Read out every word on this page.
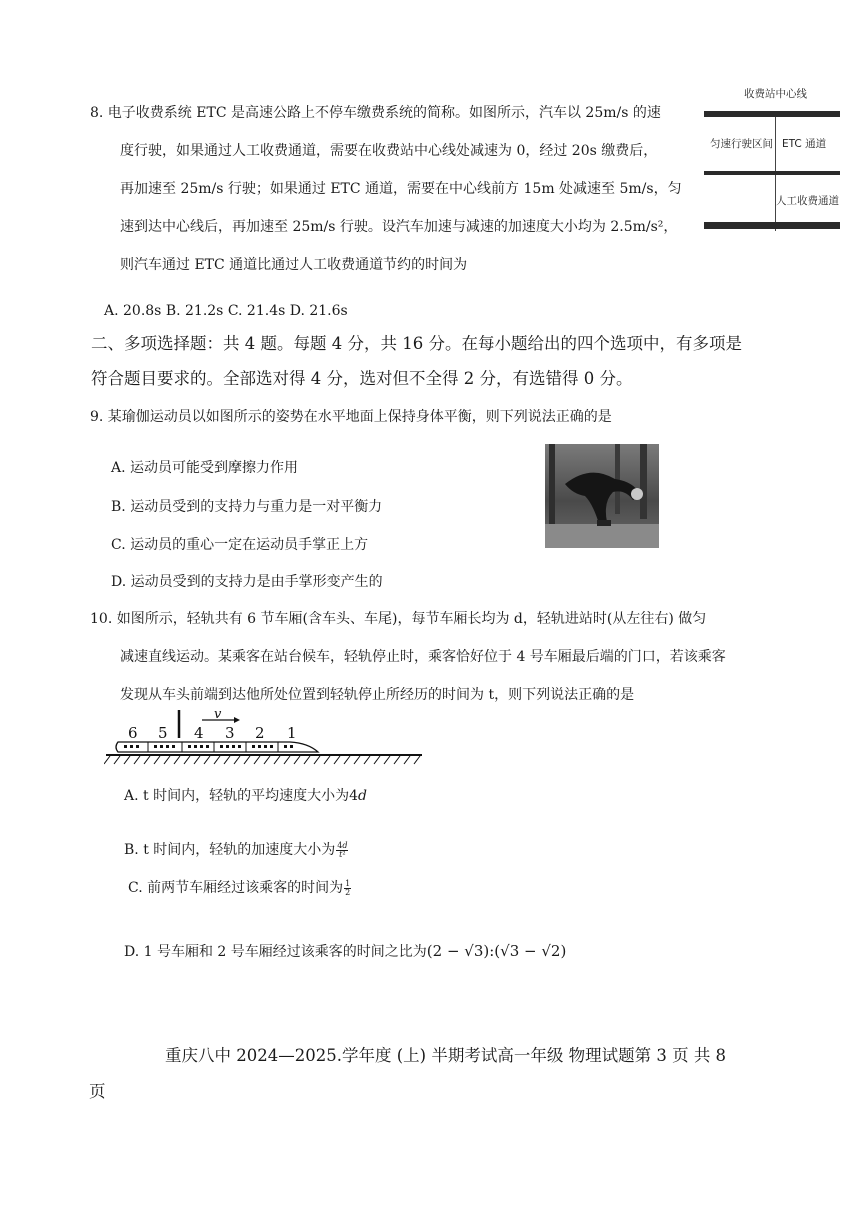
8. 电子收费系统 ETC 是高速公路上不停车缴费系统的简称。如图所示，汽车以 25m/s 的速
度行驶，如果通过人工收费通道，需要在收费站中心线处减速为 0，经过 20s 缴费后，
再加速至 25m/s 行驶；如果通过 ETC 通道，需要在中心线前方 15m 处减速至 5m/s，匀
速到达中心线后，再加速至 25m/s 行驶。设汽车加速与减速的加速度大小均为 2.5m/s²，
则汽车通过 ETC 通道比通过人工收费通道节约的时间为
A. 20.8s B. 21.2s C. 21.4s D. 21.6s
收费站中心线
匀速行驶区间 ETC 通道
人工收费通道
二、多项选择题：共 4 题。每题 4 分，共 16 分。在每小题给出的四个选项中，有多项是
符合题目要求的。全部选对得 4 分，选对但不全得 2 分，有选错得 0 分。
9. 某瑜伽运动员以如图所示的姿势在水平地面上保持身体平衡，则下列说法正确的是
A. 运动员可能受到摩擦力作用
B. 运动员受到的支持力与重力是一对平衡力
C. 运动员的重心一定在运动员手掌正上方
D. 运动员受到的支持力是由手掌形变产生的
10. 如图所示，轻轨共有 6 节车厢(含车头、车尾)，每节车厢长均为 d，轻轨进站时(从左往右) 做匀
减速直线运动。某乘客在站台候车，轻轨停止时，乘客恰好位于 4 号车厢最后端的门口，若该乘客
发现从车头前端到达他所处位置到轻轨停止所经历的时间为 t，则下列说法正确的是
6 5 4 3 2 1
v
A. t 时间内，轻轨的平均速度大小为4𝑑
B. t 时间内，轻轨的加速度大小为 $\frac{\text{4𝑑}}{\text{𝑡²}}$
C. 前两节车厢经过该乘客的时间为 $\frac{1}{2}$
D. 1 号车厢和 2 号车厢经过该乘客的时间之比为(2 − √3):(√3 − √2)
重庆八中 2024—2025.学年度 (上) 半期考试高一年级 物理试题第 3 页 共 8
页
